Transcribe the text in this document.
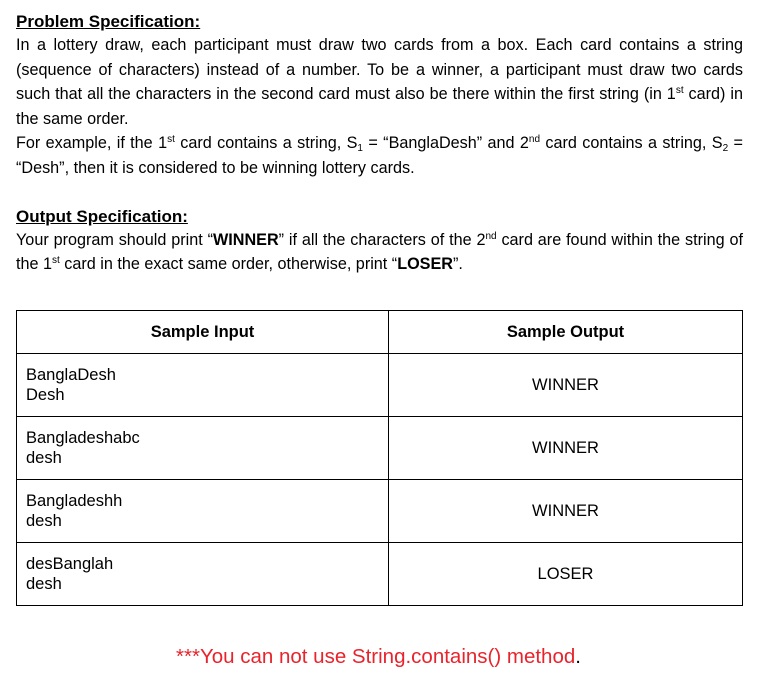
Problem Specification:
In a lottery draw, each participant must draw two cards from a box. Each card contains a string (sequence of characters) instead of a number. To be a winner, a participant must draw two cards such that all the characters in the second card must also be there within the first string (in 1st card) in the same order.
For example, if the 1st card contains a string, $S_1$ = “BanglaDesh” and 2nd card contains a string, $S_2$ = “Desh”, then it is considered to be winning lottery cards.
Output Specification:
Your program should print “WINNER” if all the characters of the 2nd card are found within the string of the 1st card in the exact same order, otherwise, print “LOSER”.
Sample Input	Sample Output

BanglaDesh
Desh	WINNER

Bangladeshabc
desh	WINNER

Bangladeshh
desh	WINNER

desBanglah
desh	LOSER
***You can not use String.contains() method.
